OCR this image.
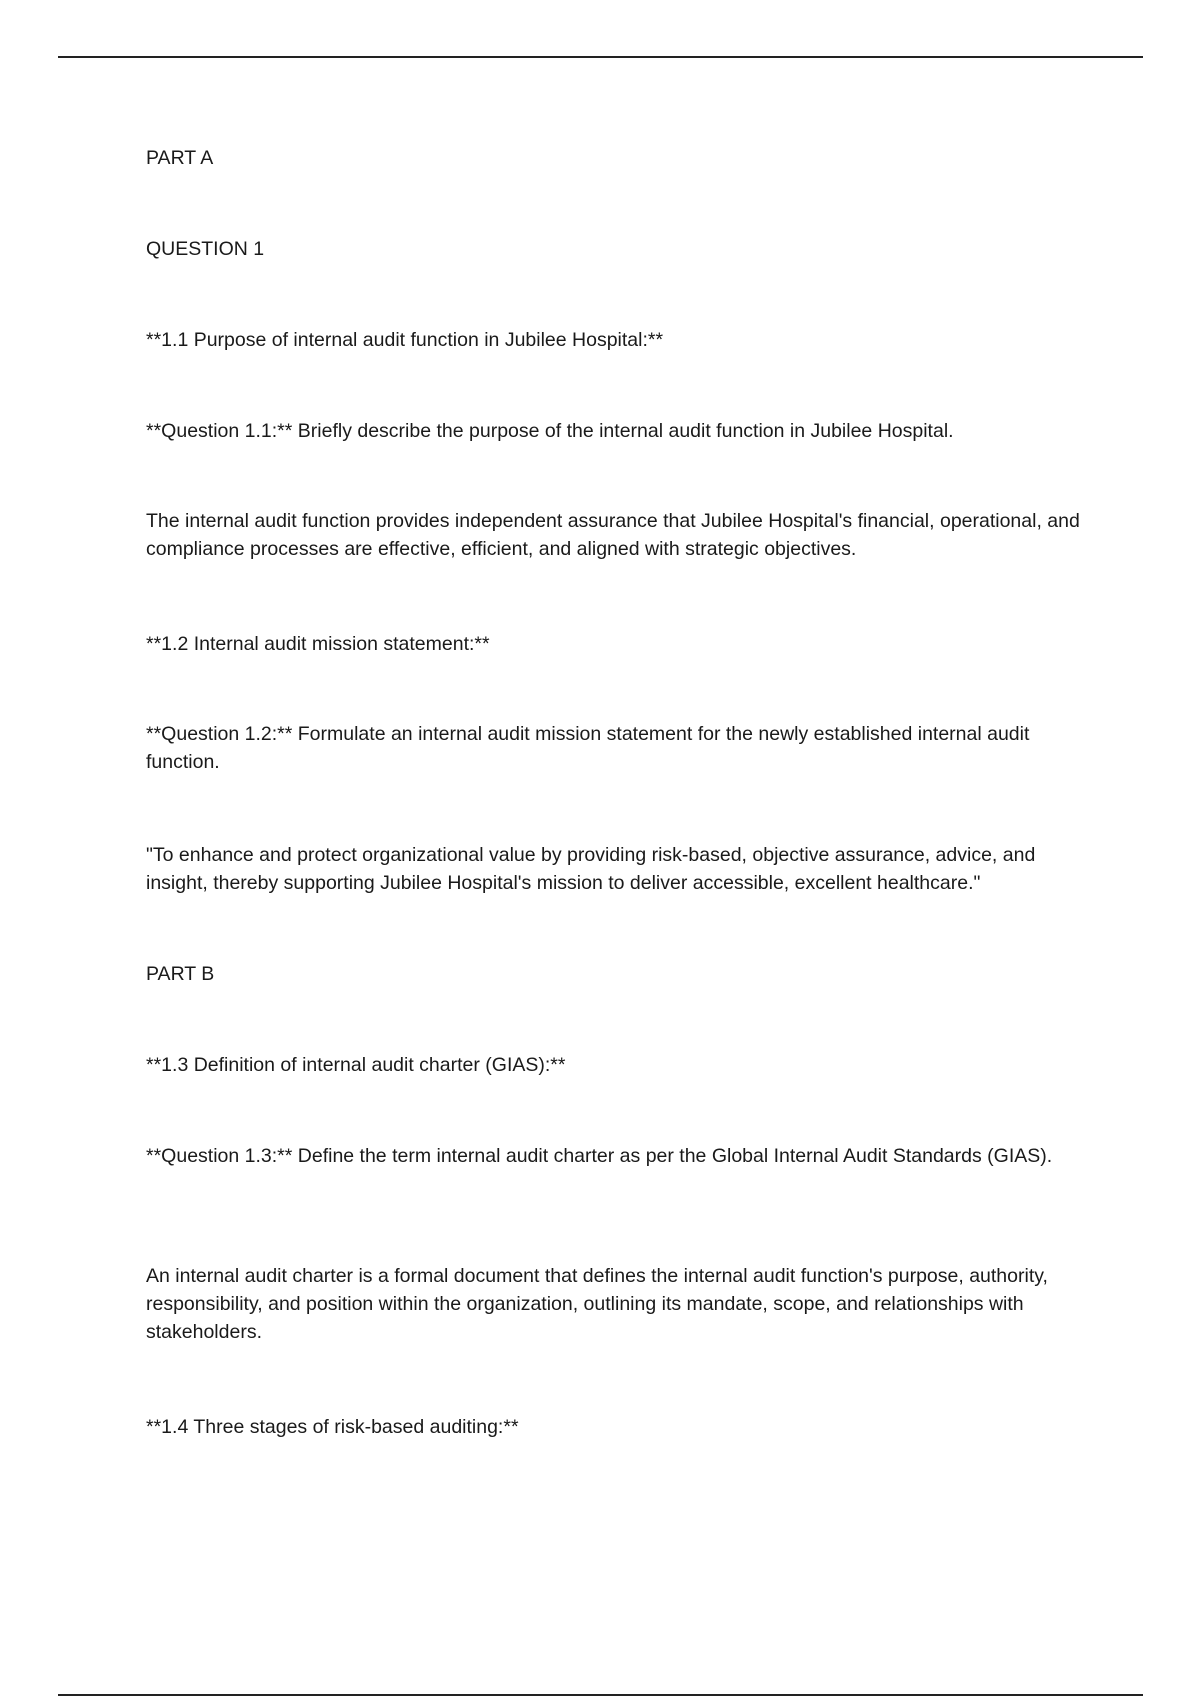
PART A
QUESTION 1
**1.1 Purpose of internal audit function in Jubilee Hospital:**
**Question 1.1:** Briefly describe the purpose of the internal audit function in Jubilee Hospital.
The internal audit function provides independent assurance that Jubilee Hospital's financial, operational, and compliance processes are effective, efficient, and aligned with strategic objectives.
**1.2 Internal audit mission statement:**
**Question 1.2:** Formulate an internal audit mission statement for the newly established internal audit function.
"To enhance and protect organizational value by providing risk-based, objective assurance, advice, and insight, thereby supporting Jubilee Hospital's mission to deliver accessible, excellent healthcare."
PART B
**1.3 Definition of internal audit charter (GIAS):**
**Question 1.3:** Define the term internal audit charter as per the Global Internal Audit Standards (GIAS).
An internal audit charter is a formal document that defines the internal audit function's purpose, authority, responsibility, and position within the organization, outlining its mandate, scope, and relationships with stakeholders.
**1.4 Three stages of risk-based auditing:**
